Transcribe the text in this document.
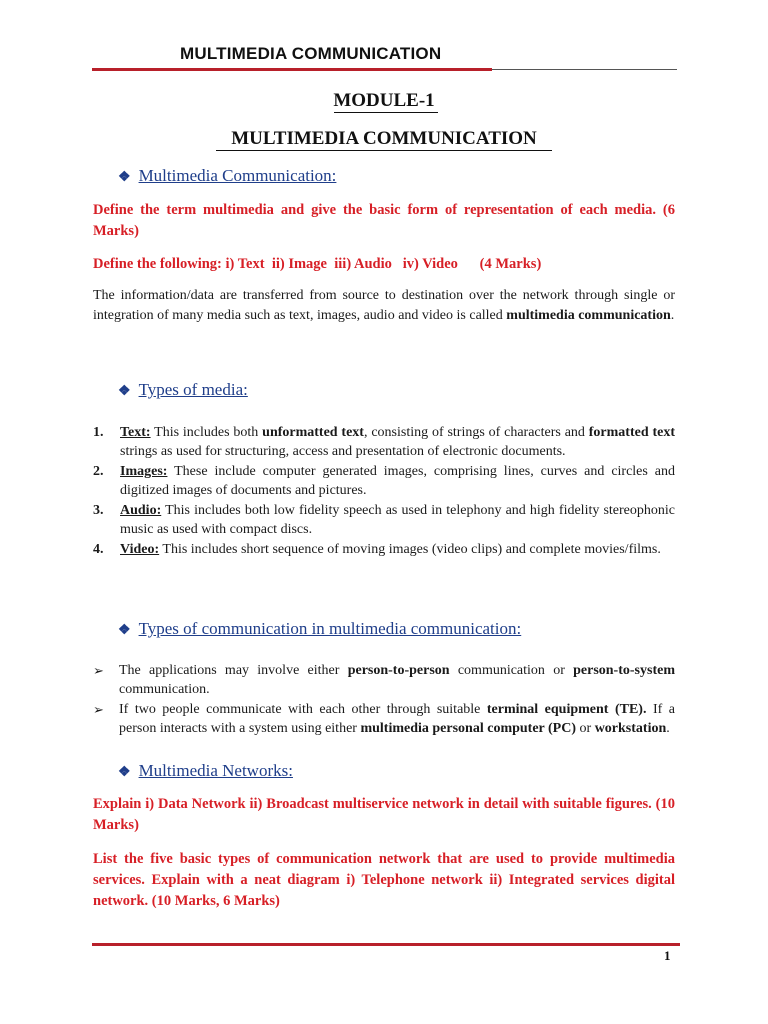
MULTIMEDIA COMMUNICATION
MODULE-1
MULTIMEDIA COMMUNICATION
❖ Multimedia Communication:
Define the term multimedia and give the basic form of representation of each media. (6 Marks)
Define the following: i) Text  ii) Image  iii) Audio   iv) Video      (4 Marks)
The information/data are transferred from source to destination over the network through single or integration of many media such as text, images, audio and video is called multimedia communication.
❖ Types of media:
1.	Text: This includes both unformatted text, consisting of strings of characters and formatted text strings as used for structuring, access and presentation of electronic documents.
2.	Images: These include computer generated images, comprising lines, curves and circles and digitized images of documents and pictures.
3.	Audio: This includes both low fidelity speech as used in telephony and high fidelity stereophonic music as used with compact discs.
4.	Video: This includes short sequence of moving images (video clips) and complete movies/films.
❖ Types of communication in multimedia communication:
➢	The applications may involve either person-to-person communication or person-to-system communication.
➢	If two people communicate with each other through suitable terminal equipment (TE). If a person interacts with a system using either multimedia personal computer (PC) or workstation.
❖ Multimedia Networks:
Explain i) Data Network ii) Broadcast multiservice network in detail with suitable figures. (10 Marks)
List the five basic types of communication network that are used to provide multimedia services. Explain with a neat diagram i) Telephone network ii) Integrated services digital network. (10 Marks, 6 Marks)
1
